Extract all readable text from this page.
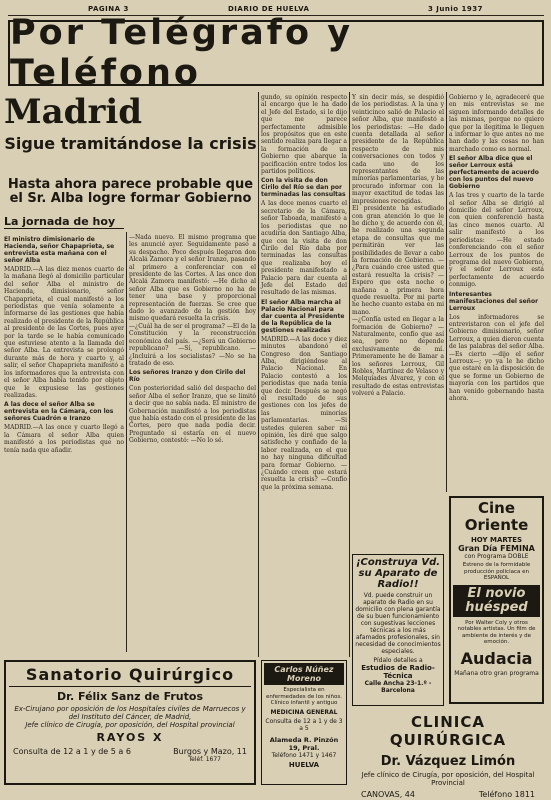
PAGINA 3	DIARIO DE HUELVA	3 Junio 1937
Por Telégrafo y Teléfono
Madrid
Sigue tramitándose la crisis
Hasta ahora parece probable que el Sr. Alba logre formar Gobierno
La jornada de hoy
El ministro dimisionario de Hacienda, señor Chapaprieta, se entrevista esta mañana con el señor Alba
MADRID.—A las diez menos cuarto de la mañana llegó al domicilio particular del señor Alba el ministro de Hacienda, dimisionario, señor Chapaprieta, el cual manifestó a los periodistas que venía solamente a informarse de las gestiones que había realizado el presidente de la República al presidente de las Cortes, pues ayer por la tarde se le había comunicado que estuviese atento a la llamada del señor Alba. La entrevista se prolongó durante más de hora y cuarto y, al salir, el señor Chapaprieta manifestó a los informadores que la entrevista con el señor Alba había tenido por objeto que le expusiese las gestiones realizadas.
A las doce el señor Alba se entrevista en la Cámara, con los señores Cuadrón e Iranzo
MADRID.—A las once y cuarto llegó a la Cámara el señor Alba quien manifestó a los periodistas que no tenía nada que añadir.
—Nada nuevo. El mismo programa que les anuncié ayer. Seguidamente pasó a su despacho. Poco después llegaron don Alcalá Zamora y el señor Iranzo, pasando al primero a conferenciar con el presidente de las Cortes. A las once don Alcalá Zamora manifestó: —He dicho al señor Alba que es Gobierno no ha de tener una base y proporcional representación de fuerzas. Se cree que dado lo avanzado de la gestión hoy mismo quedará resuelta la crisis.
—¿Cuál ha de ser el programa? —El de la Constitución y la reconstrucción económica del país. —¿Será un Gobierno republicano? —Sí, republicano. —¿Incluirá a los socialistas? —No se ha tratado de eso.
Los señores Iranzo y don Cirilo del Río
Con posterioridad salió del despacho del señor Alba el señor Iranzo, que se limitó a decir que no sabía nada. El ministro de Gobernación manifestó a los periodistas que había estado con el presidente de las Cortes, pero que nada podía decir. Preguntado si estaría en el nuevo Gobierno, contestó: —No lo sé.
gundo, su opinión respecto al encargo que le ha dado el Jefe del Estado, si le dijo que me parece perfectamente admisible los propósitos que en este sentido realiza para llegar a la formación de un Gobierno que abarque la pacificación entre todos los partidos políticos.
Con la visita de don Cirilo del Río se dan por terminadas las consultas
A las doce menos cuarto el secretario de la Cámara, señor Taboada, manifestó a los periodistas que no acudiría don Santiago Alba, que con la visita de don Cirilo del Río daba por terminadas las consultas que realizaba hoy el presidente manifestado a Palacio para dar cuenta al Jefe del Estado del resultado de las mismas.
El señor Alba marcha al Palacio Nacional para dar cuenta al Presidente de la República de la gestiones realizadas
MADRID.—A las doce y diez minutos abandonó el Congreso don Santiago Alba, dirigiéndose al Palacio Nacional. En Palacio contestó a los periodistas que nada tenía que decir. Después se negó el resultado de sus gestiones con los jefes de las minorías parlamentarias. —Si ustedes quieren saber mi opinión, les diré que salgo satisfecho y confiado de la labor realizada, en el que no hay ninguna dificultad para formar Gobierno. —¿Cuándo creen que estará resuelta la crisis? —Confío que la próxima semana.
Y sin decir más, se despidió de los periodistas. A la una y veinticinco salió de Palacio el señor Alba, que manifestó a los periodistas: —He dado cuenta detallada al señor presidente de la República respecto de mis conversaciones con todos y cada uno de los representantes de las minorías parlamentarias, y he procurado informar con la mayor exactitud de todas las impresiones recogidas.
El presidente ha estudiado con gran atención lo que le he dicho y, de acuerdo con él, he realizado una segunda etapa de consultas que me permitirán ver las posibilidades de llevar a cabo la formación de Gobierno. —¿Para cuándo cree usted que estará resuelta la crisis? —Espero que esta noche o mañana a primera hora quede resuelta. Por mi parte he hecho cuanto estaba en mi mano.
—¿Confía usted en llegar a la formación de Gobierno? —Naturalmente, confío que así sea, pero no depende exclusivamente de mí. Primeramente he de llamar a los señores Lerroux, Gil Robles, Martínez de Velasco y Melquíades Álvarez, y con el resultado de estas entrevistas volveré a Palacio.
¡Construya Vd. su Aparato de Radio!!
Vd. puede construir un aparato de Radio en su domicilio con plena garantía de su buen funcionamiento con sugestivas lecciones técnicas a los más afamados profesionales, sin necesidad de conocimientos especiales.
Pídalo detalles a
Estudios de Radio-Técnica
Calle Ancha 23-1.º - Barcelona
Gobierno y le, agradeceré que en mis entrevistas se me siguen informando detalles de las mismas, porque no quiero que por la ilegitima le lleguen a informar lo que antes no me han dado y las cosas no han marchado como es normal.
El señor Alba dice que el señor Lerroux está perfectamente de acuerdo con los puntos del nuevo Gobierno
A las tres y cuarto de la tarde el señor Alba se dirigió al domicilio del señor Lerroux, con quien conferenció hasta las cinco menos cuarto. Al salir manifestó a los periodistas: —He estado conferenciando con el señor Lerroux de los puntos de programa del nuevo Gobierno, y el señor Lerroux está perfectamente de acuerdo conmigo.
Interesantes manifestaciones del señor Lerroux
Los informadores se entrevistaron con el jefe del Gobierno dimisionario, señor Lerroux, a quien dieron cuenta de las palabras del señor Alba. —Es cierto —dijo el señor Lerroux—; yo ya le he dicho que estaré en la disposición de que se forme un Gobierno de mayoría con los partidos que han venido gobernando hasta ahora.
Cine Oriente
HOY MARTES
Gran Día FEMINA
con Programa DOBLE
Estreno de la formidable producción policiaca en ESPAÑOL
El novio huésped
Por Walter Coly y otros notables artistas. Un film de ambiente de interés y de emoción.
Audacia
Mañana otro gran programa
Sanatorio Quirúrgico
Dr. Félix Sanz de Frutos
Ex-Cirujano por oposición de los Hospitales civiles de Marruecos y del Instituto del Cáncer, de Madrid,
Jefe clínico de Cirugía, por oposición, del Hospital provincial
RAYOS X
Consulta de 12 a 1 y de 5 a 6	Burgos y Mazo, 11
Teléf. 1677
Carlos Núñez Moreno
Especialista en enfermedades de los niños. Clínico infantil y antiguo
MEDICINA GENERAL
Consulta de 12 a 1 y de 3 a 5
Alameda R. Pinzón 19, Pral.
Teléfono 1471 y 1467
HUELVA
CLINICA QUIRÚRGICA
Dr. Vázquez Limón
Jefe clínico de Cirugía, por oposición, del Hospital Provincial
CANOVAS, 44	Teléfono 1811
